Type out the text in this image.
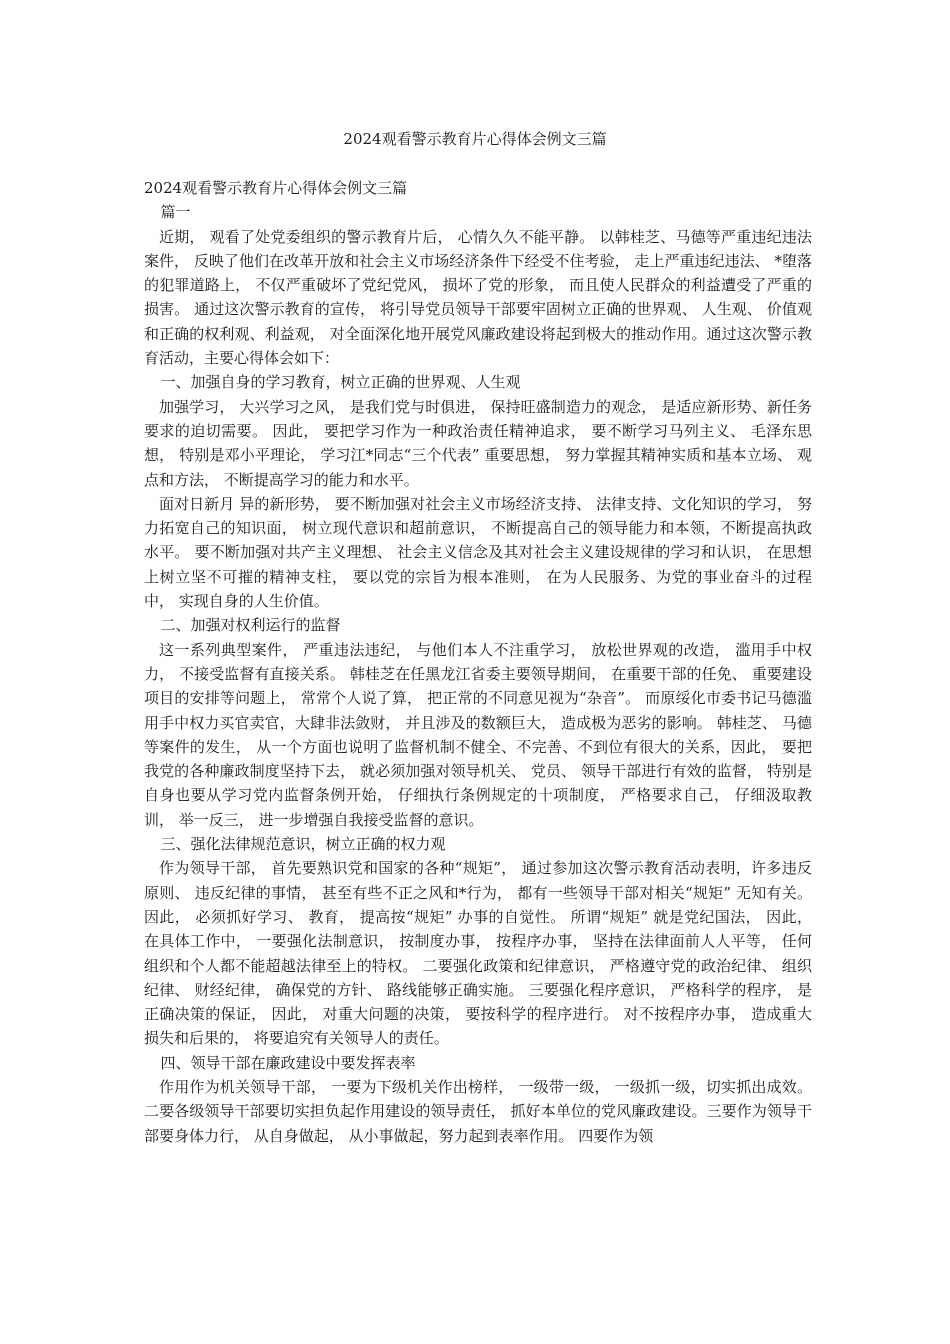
2024观看警示教育片心得体会例文三篇

2024观看警示教育片心得体会例文三篇

篇一

近期， 观看了处党委组织的警示教育片后， 心情久久不能平静。 以韩桂芝、马德等严重违纪违法案件， 反映了他们在改革开放和社会主义市场经济条件下经受不住考验， 走上严重违纪违法、 *堕落的犯罪道路上， 不仅严重破坏了党纪党风， 损坏了党的形象， 而且使人民群众的利益遭受了严重的损害。 通过这次警示教育的宣传， 将引导党员领导干部要牢固树立正确的世界观、 人生观、 价值观和正确的权利观、利益观， 对全面深化地开展党风廉政建设将起到极大的推动作用。通过这次警示教育活动，主要心得体会如下：

一、加强自身的学习教育，树立正确的世界观、人生观

加强学习， 大兴学习之风， 是我们党与时俱进， 保持旺盛制造力的观念， 是适应新形势、新任务要求的迫切需要。 因此， 要把学习作为一种政治责任精神追求， 要不断学习马列主义、 毛泽东思想， 特别是邓小平理论， 学习江*同志“三个代表” 重要思想， 努力掌握其精神实质和基本立场、 观点和方法， 不断提高学习的能力和水平。

面对日新月 异的新形势， 要不断加强对社会主义市场经济支持、 法律支持、文化知识的学习， 努力拓宽自己的知识面， 树立现代意识和超前意识， 不断提高自己的领导能力和本领，不断提高执政水平。 要不断加强对共产主义理想、 社会主义信念及其对社会主义建设规律的学习和认识， 在思想上树立坚不可摧的精神支柱， 要以党的宗旨为根本准则， 在为人民服务、为党的事业奋斗的过程中， 实现自身的人生价值。

二、加强对权利运行的监督

这一系列典型案件， 严重违法违纪， 与他们本人不注重学习， 放松世界观的改造， 滥用手中权力， 不接受监督有直接关系。 韩桂芝在任黑龙江省委主要领导期间， 在重要干部的任免、 重要建设项目的安排等问题上， 常常个人说了算， 把正常的不同意见视为“杂音”。 而原绥化市委书记马德滥用手中权力买官卖官，大肆非法敛财， 并且涉及的数额巨大， 造成极为恶劣的影响。 韩桂芝、 马德等案件的发生， 从一个方面也说明了监督机制不健全、不完善、不到位有很大的关系，因此， 要把我党的各种廉政制度坚持下去， 就必须加强对领导机关、 党员、 领导干部进行有效的监督， 特别是自身也要从学习党内监督条例开始， 仔细执行条例规定的十项制度， 严格要求自己， 仔细汲取教训， 举一反三， 进一步增强自我接受监督的意识。

三、强化法律规范意识，树立正确的权力观

作为领导干部， 首先要熟识党和国家的各种“规矩”， 通过参加这次警示教育活动表明，许多违反原则、 违反纪律的事情， 甚至有些不正之风和*行为， 都有一些领导干部对相关“规矩” 无知有关。 因此， 必须抓好学习、 教育， 提高按“规矩” 办事的自觉性。 所谓“规矩” 就是党纪国法， 因此， 在具体工作中， 一要强化法制意识， 按制度办事， 按程序办事， 坚持在法律面前人人平等， 任何组织和个人都不能超越法律至上的特权。 二要强化政策和纪律意识， 严格遵守党的政治纪律、 组织纪律、 财经纪律， 确保党的方针、 路线能够正确实施。 三要强化程序意识， 严格科学的程序， 是正确决策的保证， 因此， 对重大问题的决策， 要按科学的程序进行。 对不按程序办事， 造成重大损失和后果的， 将要追究有关领导人的责任。

四、领导干部在廉政建设中要发挥表率

作用作为机关领导干部， 一要为下级机关作出榜样， 一级带一级， 一级抓一级，切实抓出成效。 二要各级领导干部要切实担负起作用建设的领导责任， 抓好本单位的党风廉政建设。三要作为领导干部要身体力行， 从自身做起， 从小事做起，努力起到表率作用。 四要作为领
